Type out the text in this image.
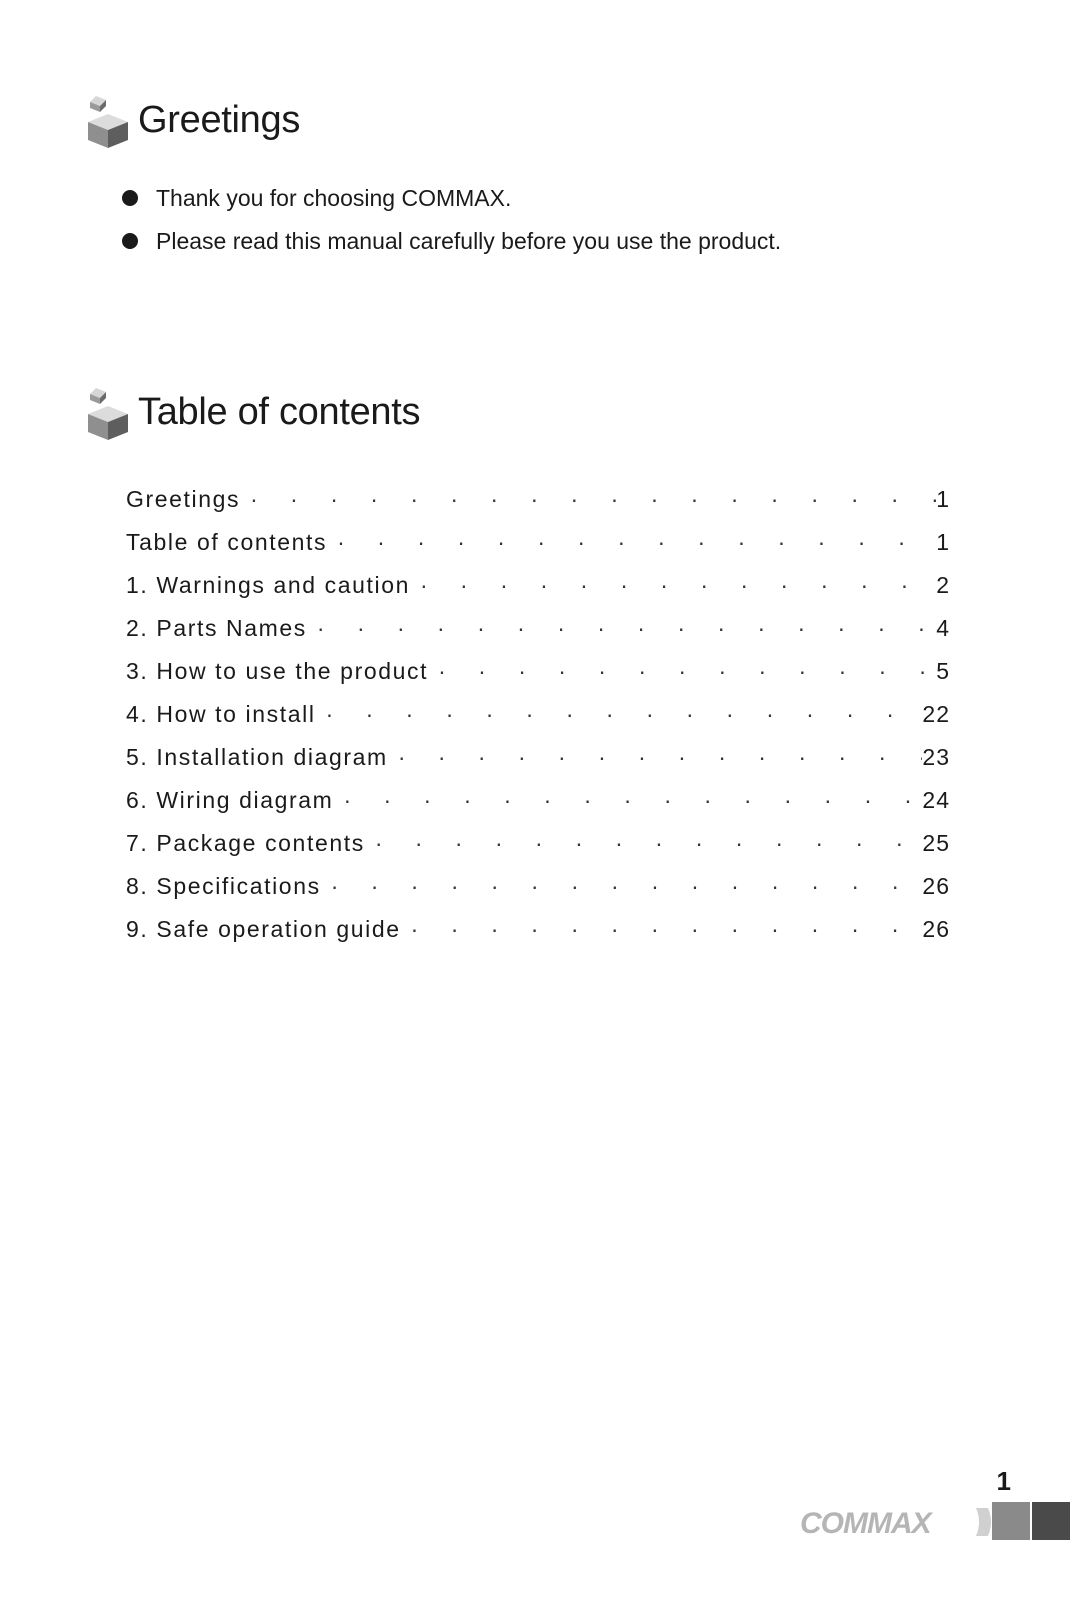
Greetings
Thank you for choosing COMMAX.
Please read this manual carefully before you use the product.
Table of contents
Greetings · · ·	1
Table of contents · · ·	1
1. Warnings and caution · · ·	2
2. Parts Names · · ·	4
3. How to use the product · · ·	5
4. How to install · · ·	22
5. Installation diagram · · ·	23
6. Wiring diagram · · ·	24
7. Package contents · · ·	25
8. Specifications · · ·	26
9. Safe operation guide · · ·	26
1
COMMAX
